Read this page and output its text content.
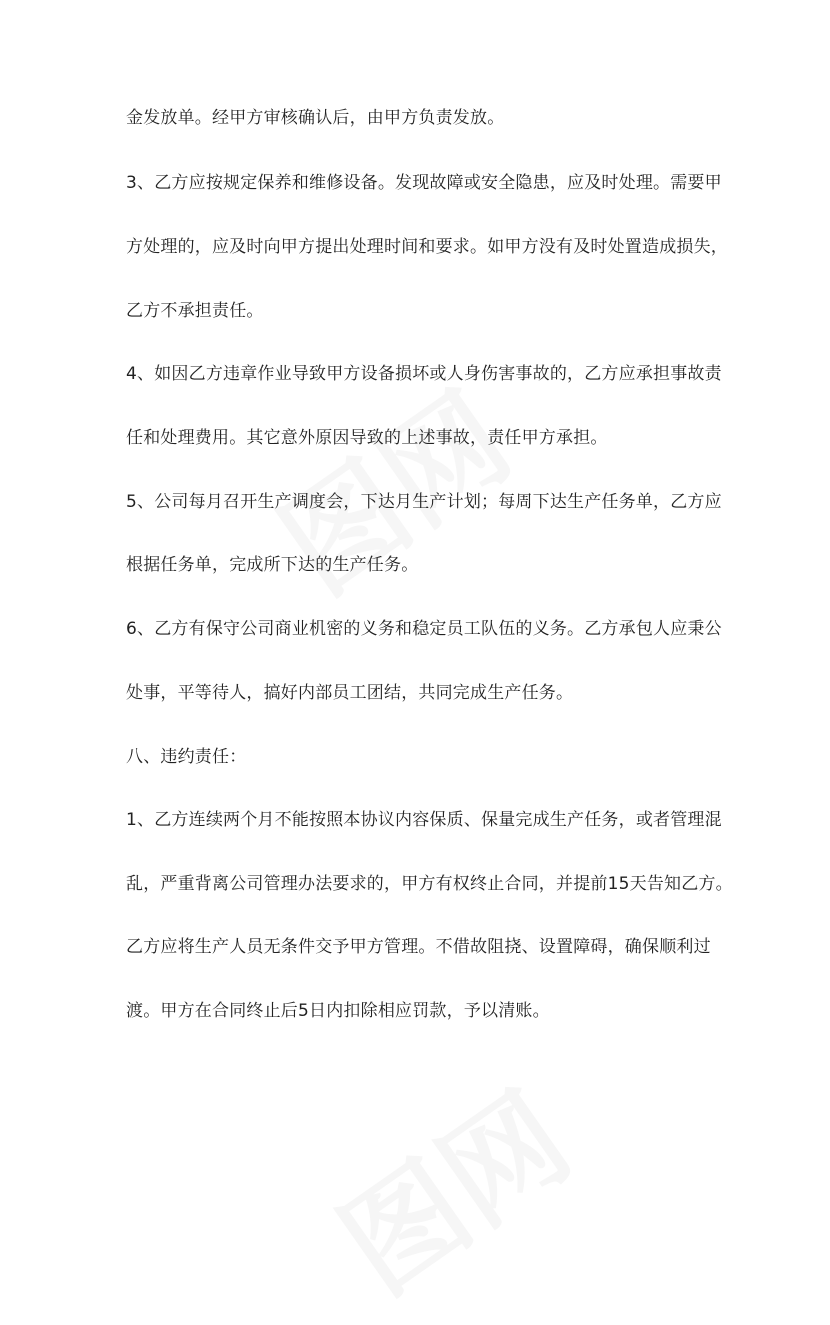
金发放单。经甲方审核确认后，由甲方负责发放。
3、乙方应按规定保养和维修设备。发现故障或安全隐患，应及时处理。需要甲
方处理的，应及时向甲方提出处理时间和要求。如甲方没有及时处置造成损失，
乙方不承担责任。
4、如因乙方违章作业导致甲方设备损坏或人身伤害事故的，乙方应承担事故责
任和处理费用。其它意外原因导致的上述事故，责任甲方承担。
5、公司每月召开生产调度会，下达月生产计划；每周下达生产任务单，乙方应
根据任务单，完成所下达的生产任务。
6、乙方有保守公司商业机密的义务和稳定员工队伍的义务。乙方承包人应秉公
处事，平等待人，搞好内部员工团结，共同完成生产任务。
八、违约责任：
1、乙方连续两个月不能按照本协议内容保质、保量完成生产任务，或者管理混
乱，严重背离公司管理办法要求的，甲方有权终止合同，并提前15天告知乙方。
乙方应将生产人员无条件交予甲方管理。不借故阻挠、设置障碍，确保顺利过
渡。甲方在合同终止后5日内扣除相应罚款，予以清账。
